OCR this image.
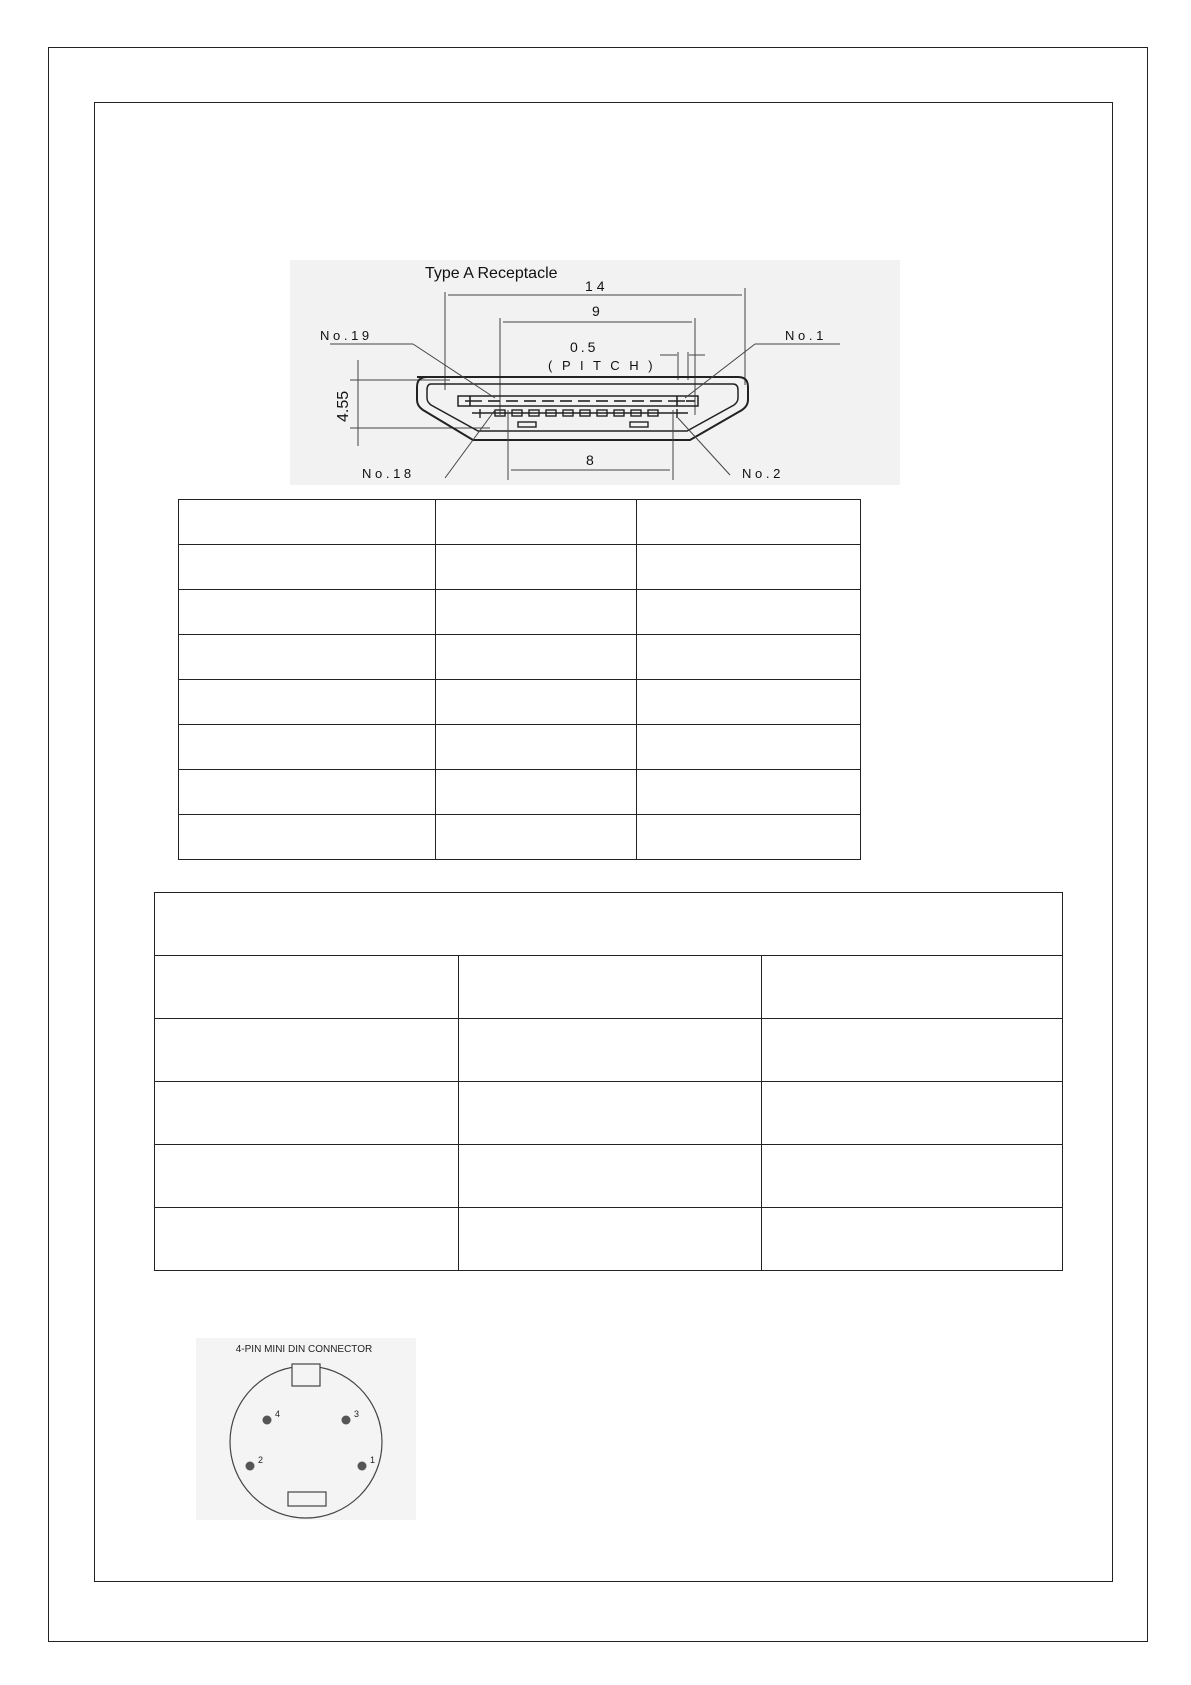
Type A Receptacle
14
9
0.5
( P I T C H )
4.55
8
N o . 1 9	N o . 1
N o . 1 8	N o . 2

4-PIN MINI DIN CONNECTOR
4	3
2	1
